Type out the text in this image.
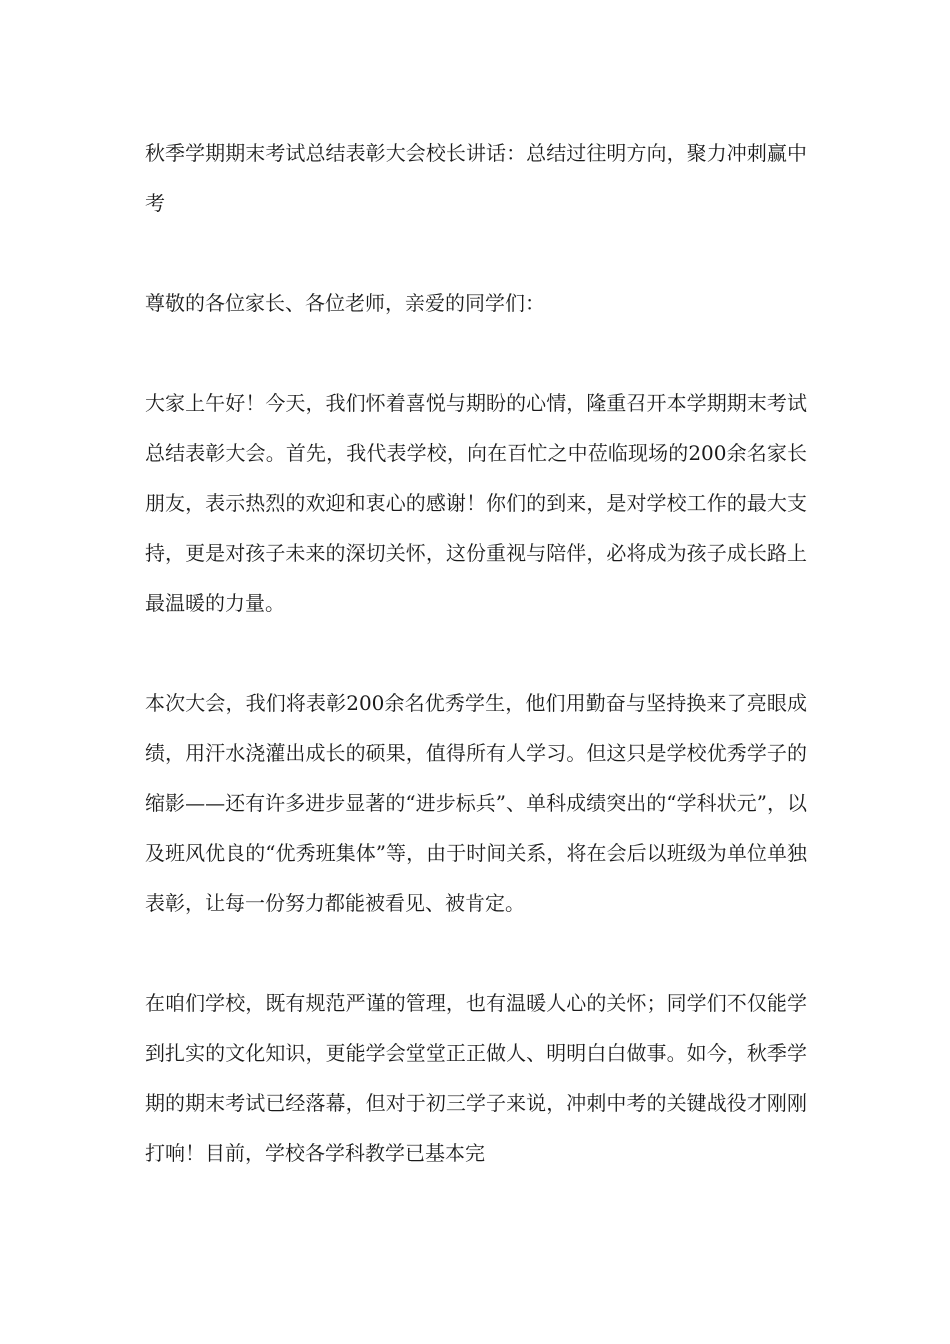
秋季学期期末考试总结表彰大会校长讲话：总结过往明方向，聚力冲刺赢中考

尊敬的各位家长、各位老师，亲爱的同学们：

大家上午好！今天，我们怀着喜悦与期盼的心情，隆重召开本学期期末考试总结表彰大会。首先，我代表学校，向在百忙之中莅临现场的200余名家长朋友，表示热烈的欢迎和衷心的感谢！你们的到来，是对学校工作的最大支持，更是对孩子未来的深切关怀，这份重视与陪伴，必将成为孩子成长路上最温暖的力量。

本次大会，我们将表彰200余名优秀学生，他们用勤奋与坚持换来了亮眼成绩，用汗水浇灌出成长的硕果，值得所有人学习。但这只是学校优秀学子的缩影——还有许多进步显著的“进步标兵”、单科成绩突出的“学科状元”，以及班风优良的“优秀班集体”等，由于时间关系，将在会后以班级为单位单独表彰，让每一份努力都能被看见、被肯定。

在咱们学校，既有规范严谨的管理，也有温暖人心的关怀；同学们不仅能学到扎实的文化知识，更能学会堂堂正正做人、明明白白做事。如今，秋季学期的期末考试已经落幕，但对于初三学子来说，冲刺中考的关键战役才刚刚打响！目前，学校各学科教学已基本完
